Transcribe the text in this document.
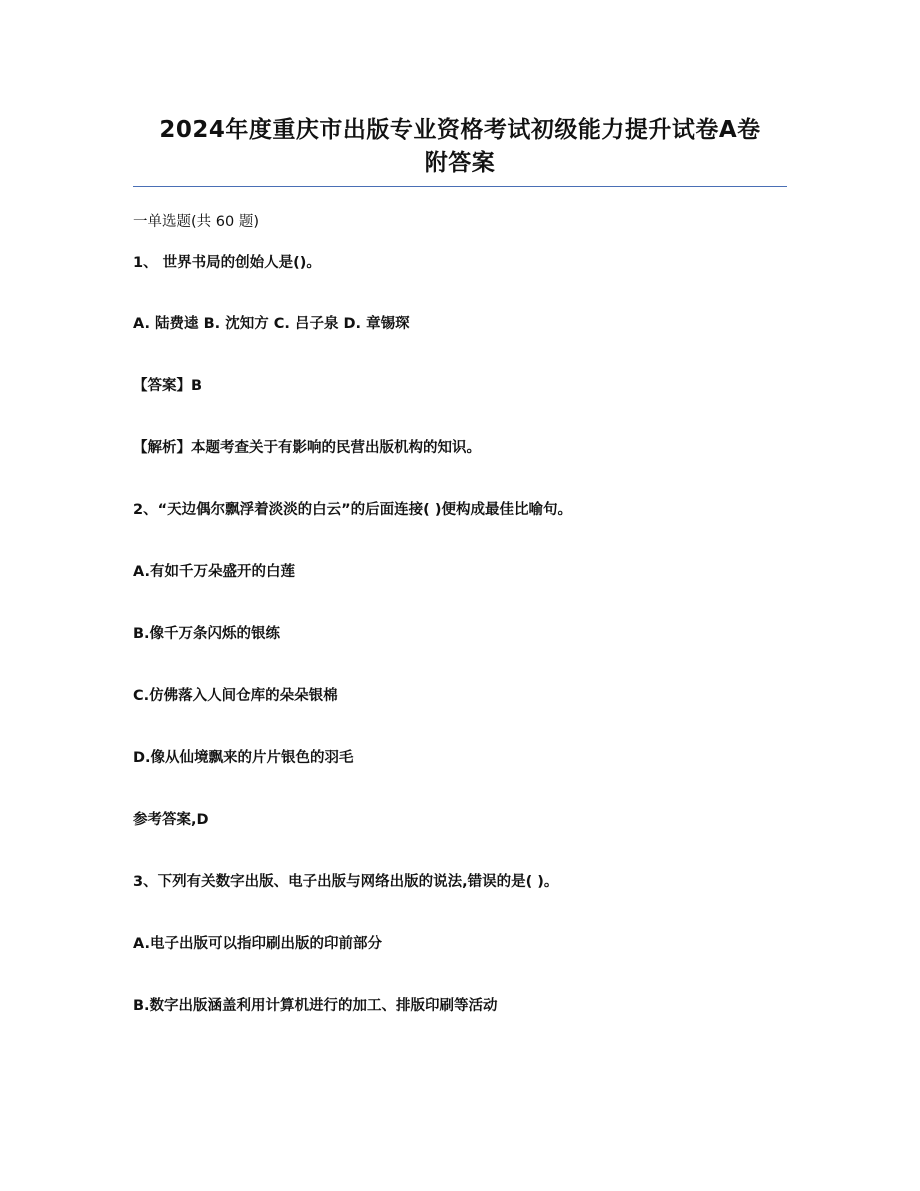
2024年度重庆市出版专业资格考试初级能力提升试卷A卷
附答案
一单选题(共 60 题)
1、 世界书局的创始人是()。
A. 陆费逵 B. 沈知方 C. 吕子泉 D. 章锡琛
【答案】B
【解析】本题考查关于有影响的民营出版机构的知识。
2、“天边偶尔飘浮着淡淡的白云”的后面连接( )便构成最佳比喻句。
A.有如千万朵盛开的白莲
B.像千万条闪烁的银练
C.仿佛落入人间仓库的朵朵银棉
D.像从仙境飘来的片片银色的羽毛
参考答案,D
3、下列有关数字出版、电子出版与网络出版的说法,错误的是( )。
A.电子出版可以指印刷出版的印前部分
B.数字出版涵盖利用计算机进行的加工、排版印刷等活动
